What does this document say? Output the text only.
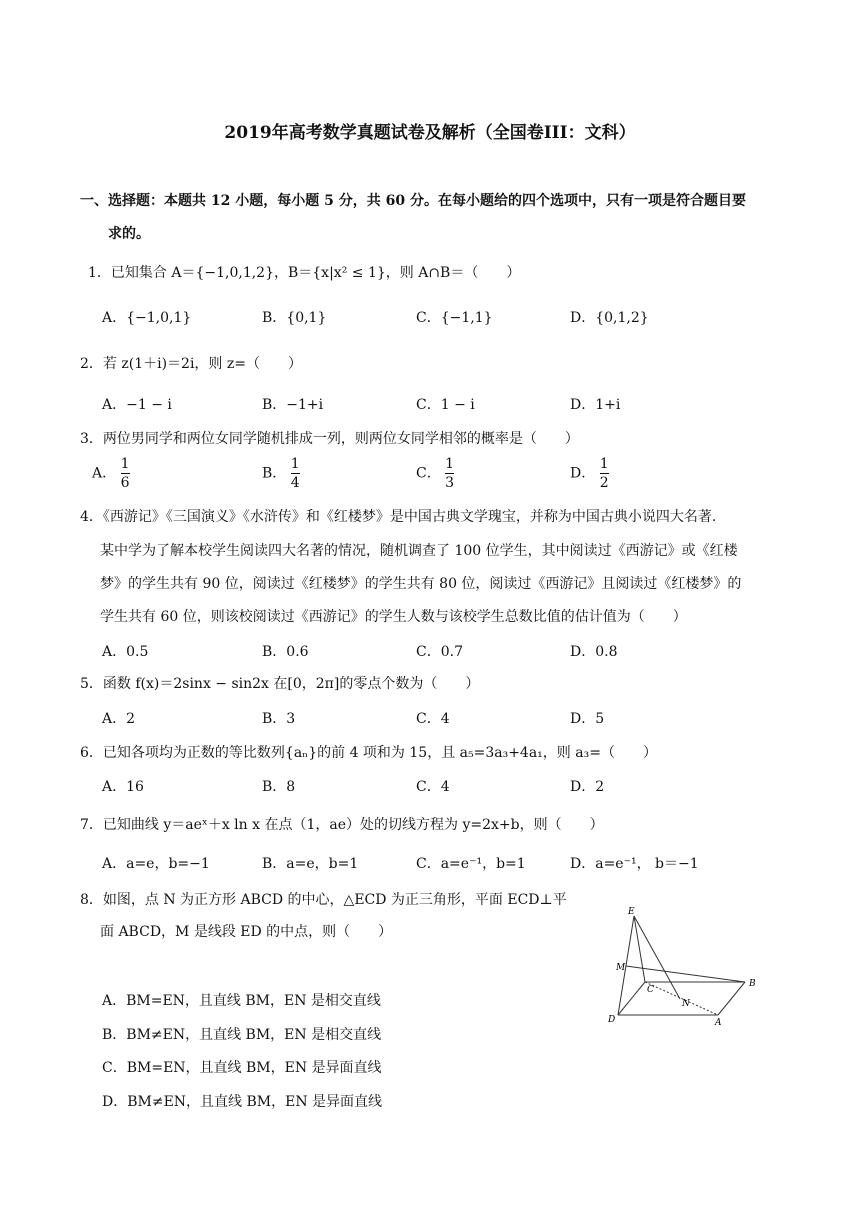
2019年高考数学真题试卷及解析（全国卷III：文科）
一、选择题：本题共 12 小题，每小题 5 分，共 60 分。在每小题给的四个选项中，只有一项是符合题目要
求的。
1．已知集合 A＝{−1,0,1,2}，B＝{x|x² ≤ 1}，则 A∩B＝（　　）
A．{−1,0,1}	B．{0,1}	C．{−1,1}	D．{0,1,2}
2．若 z(1＋i)＝2i，则 z=（　　）
A．−1 − i	B．−1+i	C．1 − i	D．1+i
3．两位男同学和两位女同学随机排成一列，则两位女同学相邻的概率是（　　）
A． $\frac{1}{6}$	B． $\frac{1}{4}$	C． $\frac{1}{3}$	D． $\frac{1}{2}$
4．《西游记》《三国演义》《水浒传》和《红楼梦》是中国古典文学瑰宝，并称为中国古典小说四大名著.
某中学为了解本校学生阅读四大名著的情况，随机调查了 100 位学生，其中阅读过《西游记》或《红楼
梦》的学生共有 90 位，阅读过《红楼梦》的学生共有 80 位，阅读过《西游记》且阅读过《红楼梦》的
学生共有 60 位，则该校阅读过《西游记》的学生人数与该校学生总数比值的估计值为（　　）
A．0.5	B．0.6	C．0.7	D．0.8
5．函数 f(x)＝2sinx − sin2x 在[0，2π]的零点个数为（　　）
A．2	B．3	C．4	D．5
6．已知各项均为正数的等比数列{aₙ}的前 4 项和为 15，且 a₅=3a₃+4a₁，则 a₃=（　　）
A．16	B．8	C．4	D．2
7．已知曲线 y＝aeˣ＋x ln x 在点（1，ae）处的切线方程为 y=2x+b，则（　　）
A．a=e，b=−1	B．a=e，b=1	C．a=e⁻¹，b=1	D．a=e⁻¹， b＝−1
8．如图，点 N 为正方形 ABCD 的中心，△ECD 为正三角形，平面 ECD⊥平
面 ABCD，M 是线段 ED 的中点，则（　　）
A．BM=EN，且直线 BM，EN 是相交直线
B．BM≠EN，且直线 BM，EN 是相交直线
C．BM=EN，且直线 BM，EN 是异面直线
D．BM≠EN，且直线 BM，EN 是异面直线
E
M
C
N
B
D	A
